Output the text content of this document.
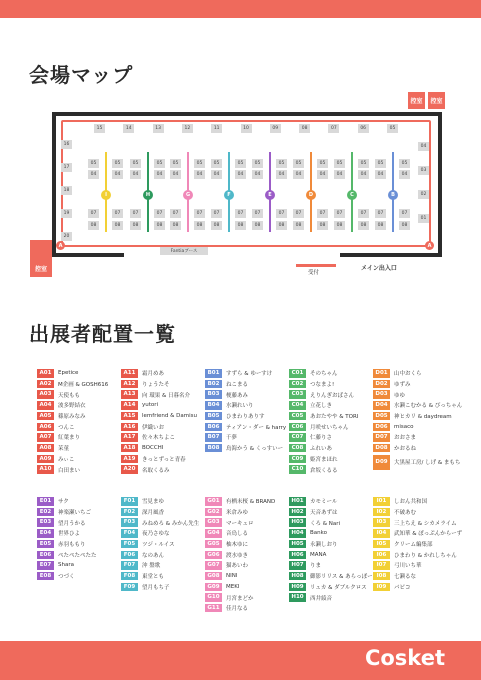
会場マップ
控室 控室
控室
A	A
Fantiaブース
受付
メイン出入口
15	14	13	12	11	10	09	08	07	06	05
16
17
18
19
20
04
03
02
01
05
04
07
08
05
04
07
08
I
05
04
07
08
05
04
07
08
H
05
04
07
08
05
04
07
08
G
05
04
07
08
05
04
07
08
F
05
04
07
08
05
04
07
08
E
05
04
07
08
05
04
07
08
D
05
04
07
08
05
04
07
08
C
05
04
07
08
05
04
07
08
B
出展者配置一覧
A01	Epetice
A02	M企画 & GOSH616
A03	天使もも
A04	波多野結衣
A05	篠原みなみ
A06	つんこ
A07	紅葉まり
A08	茉菫
A09	みぃこ
A10	白田まい
A11	霜月めあ
A12	りょうたそ
A13	向 環果 & 日暮名介
A14	yutori
A15	lemfriend & Damisu
A16	伊織いお
A17	佐々木ちよこ
A18	BOCCHI
A19	きっとずっと青春
A20	名取くるみ
B01	すずら & ゆーすけ
B02	ねこまる
B03	梗藤あみ
B04	水瀬れいり
B05	ひまわりありす
B06	ティアン・ダー & harry
B07	千夢
B08	鳥海かう & くっすいー
C01	そのちゃん
C02	つなまよ!
C03	えりんぎおばさん
C04	立花しき
C05	あおたやや & TORI
C06	月咲せいちゃん
C07	仁藤りさ
C08	ふれいあ
C09	姫宮まほれ
C10	倉坂くるる
D01	山中おくら
D02	ゆずみ
D03	ゆゆ
D04	水瀬こむかる & ぴっちゃん
D05	神ヒカリ & daydream
D06	misaco
D07	おおさま
D08	かおるね
D09	大黒屋工房/ しげ & まもち
E01	サク
E02	神楽瀬いちご
E03	望月うかる
E04	世界ひよ
E05	赤羽ももり
E06	ぺたぺたぺたた
E07	Shara
E08	つづく
F01	雪見まゆ
F02	深月風香
F03	みねめろ & みかん先生
F04	夜乃さゆな
F05	ツジ・ルイス
F06	なのあん
F07	沖 盤歌
F08	東堂とも
F09	望月もち子
G01	有栖未桜 & BRAND
G02	米倉みゆ
G03	マーキュロ
G04	音鳥しる
G05	柚木ゆに
G06	渡水ゆき
G07	猫あいわ
G08	NINI
G09	MEKI
G10	月宮まどか
G11	佳月なる
H01	カモミール
H02	天音あずは
H03	くろ & Nari
H04	Banko
H05	永瀬しおり
H06	MANA
H07	りま
H08	御影リリス & あらっぽー
H09	リュカ & ダブルクロス
H10	西井綾音
I01	しおん共和国
I02	不破あむ
I03	三上ちえ & シカメライム
I04	武知華 & ぽっぷんからーず
I05	クリーム編集部
I06	ひまわり & かれしちゃん
I07	弓川いち華
I08	七瀬るな
I09	パピコ
Cosket
